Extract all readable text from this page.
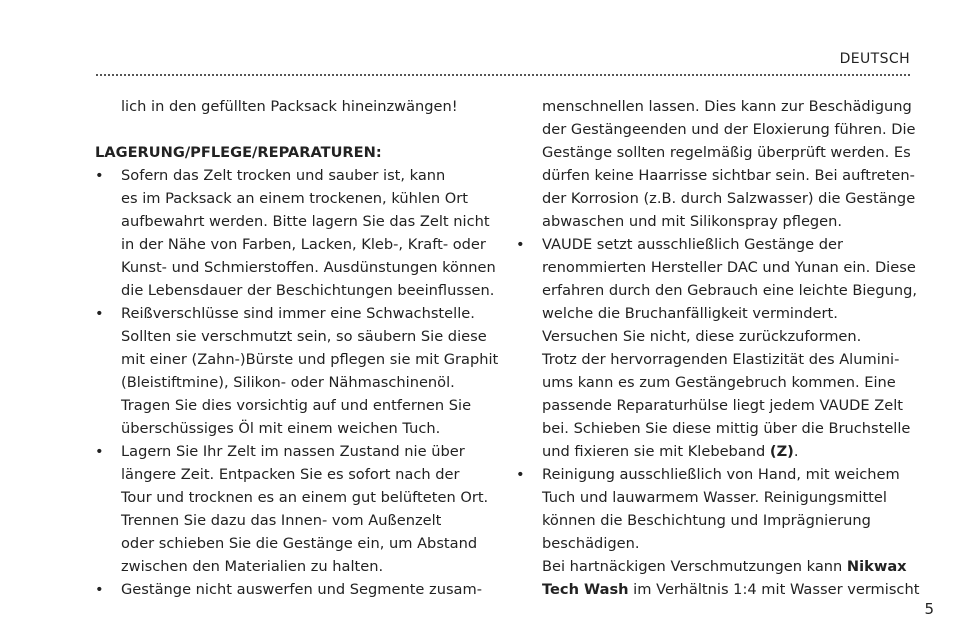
DEUTSCH
lich in den gefüllten Packsack hineinzwängen!
LAGERUNG/PFLEGE/REPARATUREN:
• Sofern das Zelt trocken und sauber ist, kann
es im Packsack an einem trockenen, kühlen Ort
aufbewahrt werden. Bitte lagern Sie das Zelt nicht
in der Nähe von Farben, Lacken, Kleb-, Kraft- oder
Kunst- und Schmierstoffen. Ausdünstungen können
die Lebensdauer der Beschichtungen beeinflussen.
• Reißverschlüsse sind immer eine Schwachstelle.
Sollten sie verschmutzt sein, so säubern Sie diese
mit einer (Zahn-)Bürste und pflegen sie mit Graphit
(Bleistiftmine), Silikon- oder Nähmaschinenöl.
Tragen Sie dies vorsichtig auf und entfernen Sie
überschüssiges Öl mit einem weichen Tuch.
• Lagern Sie Ihr Zelt im nassen Zustand nie über
längere Zeit. Entpacken Sie es sofort nach der
Tour und trocknen es an einem gut belüfteten Ort.
Trennen Sie dazu das Innen- vom Außenzelt
oder schieben Sie die Gestänge ein, um Abstand
zwischen den Materialien zu halten.
• Gestänge nicht auswerfen und Segmente zusam-
menschnellen lassen. Dies kann zur Beschädigung
der Gestängeenden und der Eloxierung führen. Die
Gestänge sollten regelmäßig überprüft werden. Es
dürfen keine Haarrisse sichtbar sein. Bei auftreten-
der Korrosion (z.B. durch Salzwasser) die Gestänge
abwaschen und mit Silikonspray pflegen.
• VAUDE setzt ausschließlich Gestänge der
renommierten Hersteller DAC und Yunan ein. Diese
erfahren durch den Gebrauch eine leichte Biegung,
welche die Bruchanfälligkeit vermindert.
Versuchen Sie nicht, diese zurückzuformen.
Trotz der hervorragenden Elastizität des Alumini-
ums kann es zum Gestängebruch kommen. Eine
passende Reparaturhülse liegt jedem VAUDE Zelt
bei. Schieben Sie diese mittig über die Bruchstelle
und fixieren sie mit Klebeband (Z).
• Reinigung ausschließlich von Hand, mit weichem
Tuch und lauwarmem Wasser. Reinigungsmittel
können die Beschichtung und Imprägnierung
beschädigen.
Bei hartnäckigen Verschmutzungen kann Nikwax
Tech Wash im Verhältnis 1:4 mit Wasser vermischt
5
